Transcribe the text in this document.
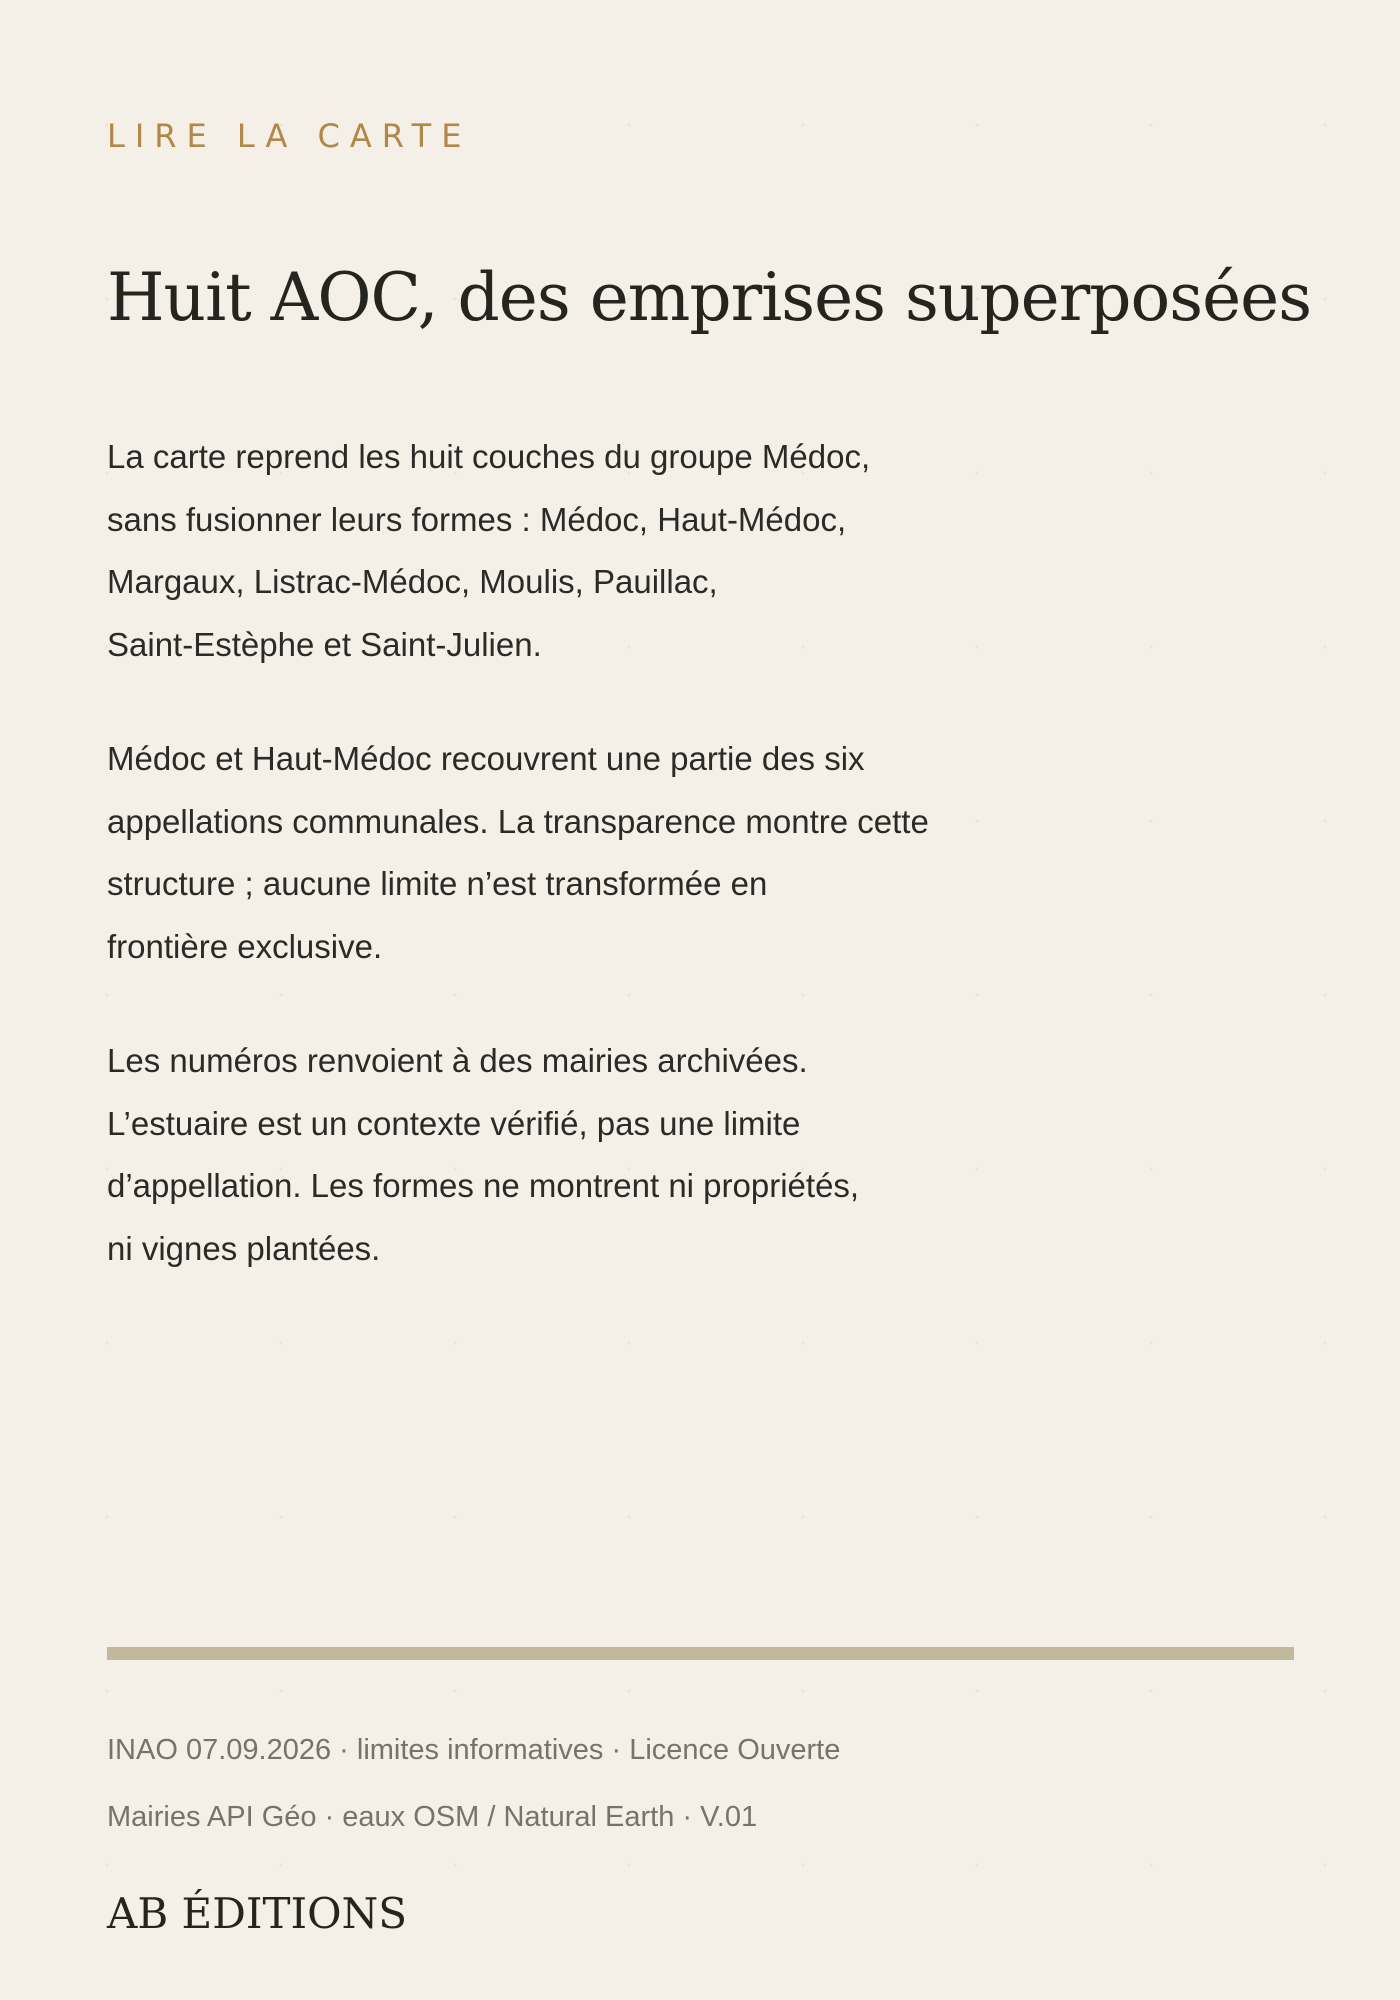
LIRE LA CARTE
Huit AOC, des emprises superposées

La carte reprend les huit couches du groupe Médoc,
sans fusionner leurs formes : Médoc, Haut-Médoc,
Margaux, Listrac-Médoc, Moulis, Pauillac,
Saint-Estèphe et Saint-Julien.

Médoc et Haut-Médoc recouvrent une partie des six
appellations communales. La transparence montre cette
structure ; aucune limite n’est transformée en
frontière exclusive.

Les numéros renvoient à des mairies archivées.
L’estuaire est un contexte vérifié, pas une limite
d’appellation. Les formes ne montrent ni propriétés,
ni vignes plantées.

INAO 07.09.2026 · limites informatives · Licence Ouverte
Mairies API Géo · eaux OSM / Natural Earth · V.01
AB ÉDITIONS
